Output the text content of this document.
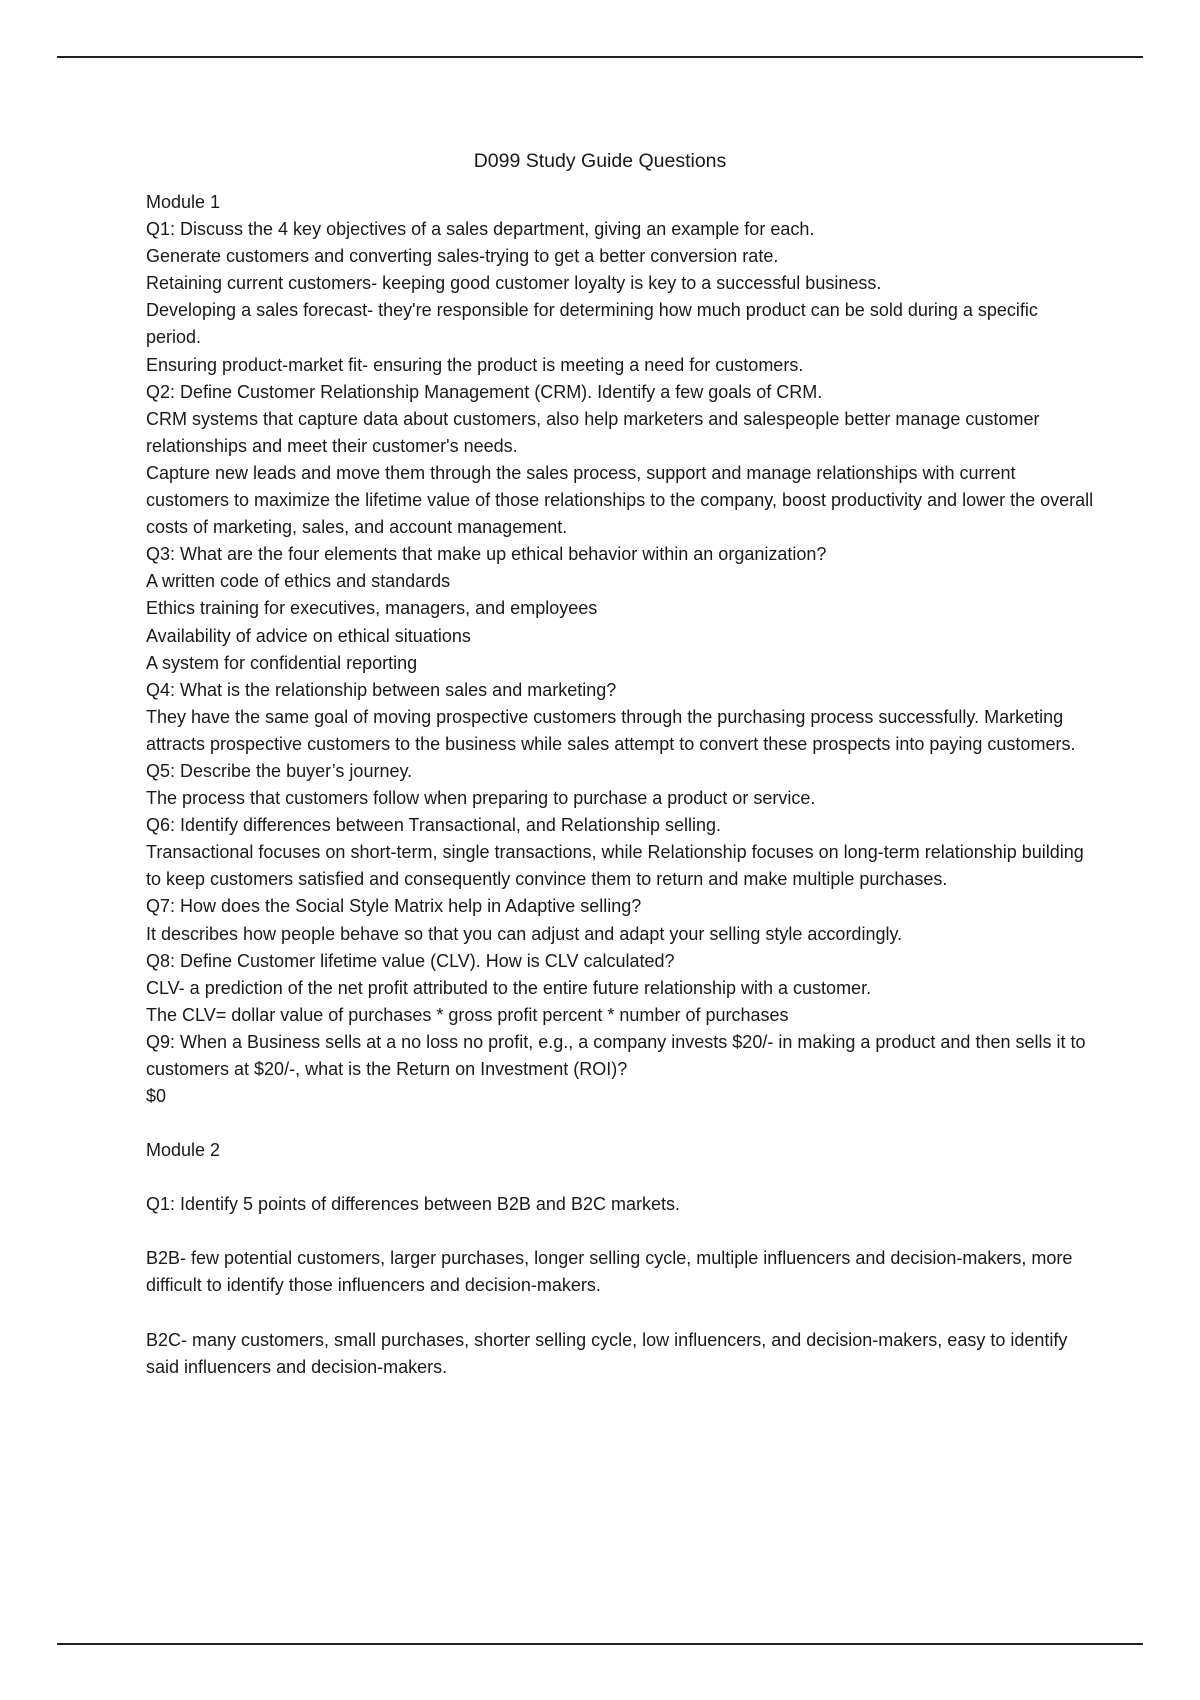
D099 Study Guide Questions

Module 1

Q1: Discuss the 4 key objectives of a sales department, giving an example for each.

Generate customers and converting sales-trying to get a better conversion rate.

Retaining current customers- keeping good customer loyalty is key to a successful business.

Developing a sales forecast- they're responsible for determining how much product can be sold during a specific period.

Ensuring product-market fit- ensuring the product is meeting a need for customers.

Q2: Define Customer Relationship Management (CRM). Identify a few goals of CRM.

CRM systems that capture data about customers, also help marketers and salespeople better manage customer relationships and meet their customer's needs.

Capture new leads and move them through the sales process, support and manage relationships with current customers to maximize the lifetime value of those relationships to the company, boost productivity and lower the overall costs of marketing, sales, and account management.

Q3: What are the four elements that make up ethical behavior within an organization?

A written code of ethics and standards

Ethics training for executives, managers, and employees

Availability of advice on ethical situations

A system for confidential reporting

Q4: What is the relationship between sales and marketing?

They have the same goal of moving prospective customers through the purchasing process successfully. Marketing attracts prospective customers to the business while sales attempt to convert these prospects into paying customers.

Q5: Describe the buyer’s journey.

The process that customers follow when preparing to purchase a product or service.

Q6: Identify differences between Transactional, and Relationship selling.

Transactional focuses on short-term, single transactions, while Relationship focuses on long-term relationship building to keep customers satisfied and consequently convince them to return and make multiple purchases.

Q7: How does the Social Style Matrix help in Adaptive selling?

It describes how people behave so that you can adjust and adapt your selling style accordingly.

Q8: Define Customer lifetime value (CLV). How is CLV calculated?

CLV- a prediction of the net profit attributed to the entire future relationship with a customer.

The CLV= dollar value of purchases * gross profit percent * number of purchases

Q9: When a Business sells at a no loss no profit, e.g., a company invests $20/- in making a product and then sells it to customers at $20/-, what is the Return on Investment (ROI)?

$0

Module 2

Q1: Identify 5 points of differences between B2B and B2C markets.

B2B- few potential customers, larger purchases, longer selling cycle, multiple influencers and decision-makers, more difficult to identify those influencers and decision-makers.

B2C- many customers, small purchases, shorter selling cycle, low influencers, and decision-makers, easy to identify said influencers and decision-makers.
